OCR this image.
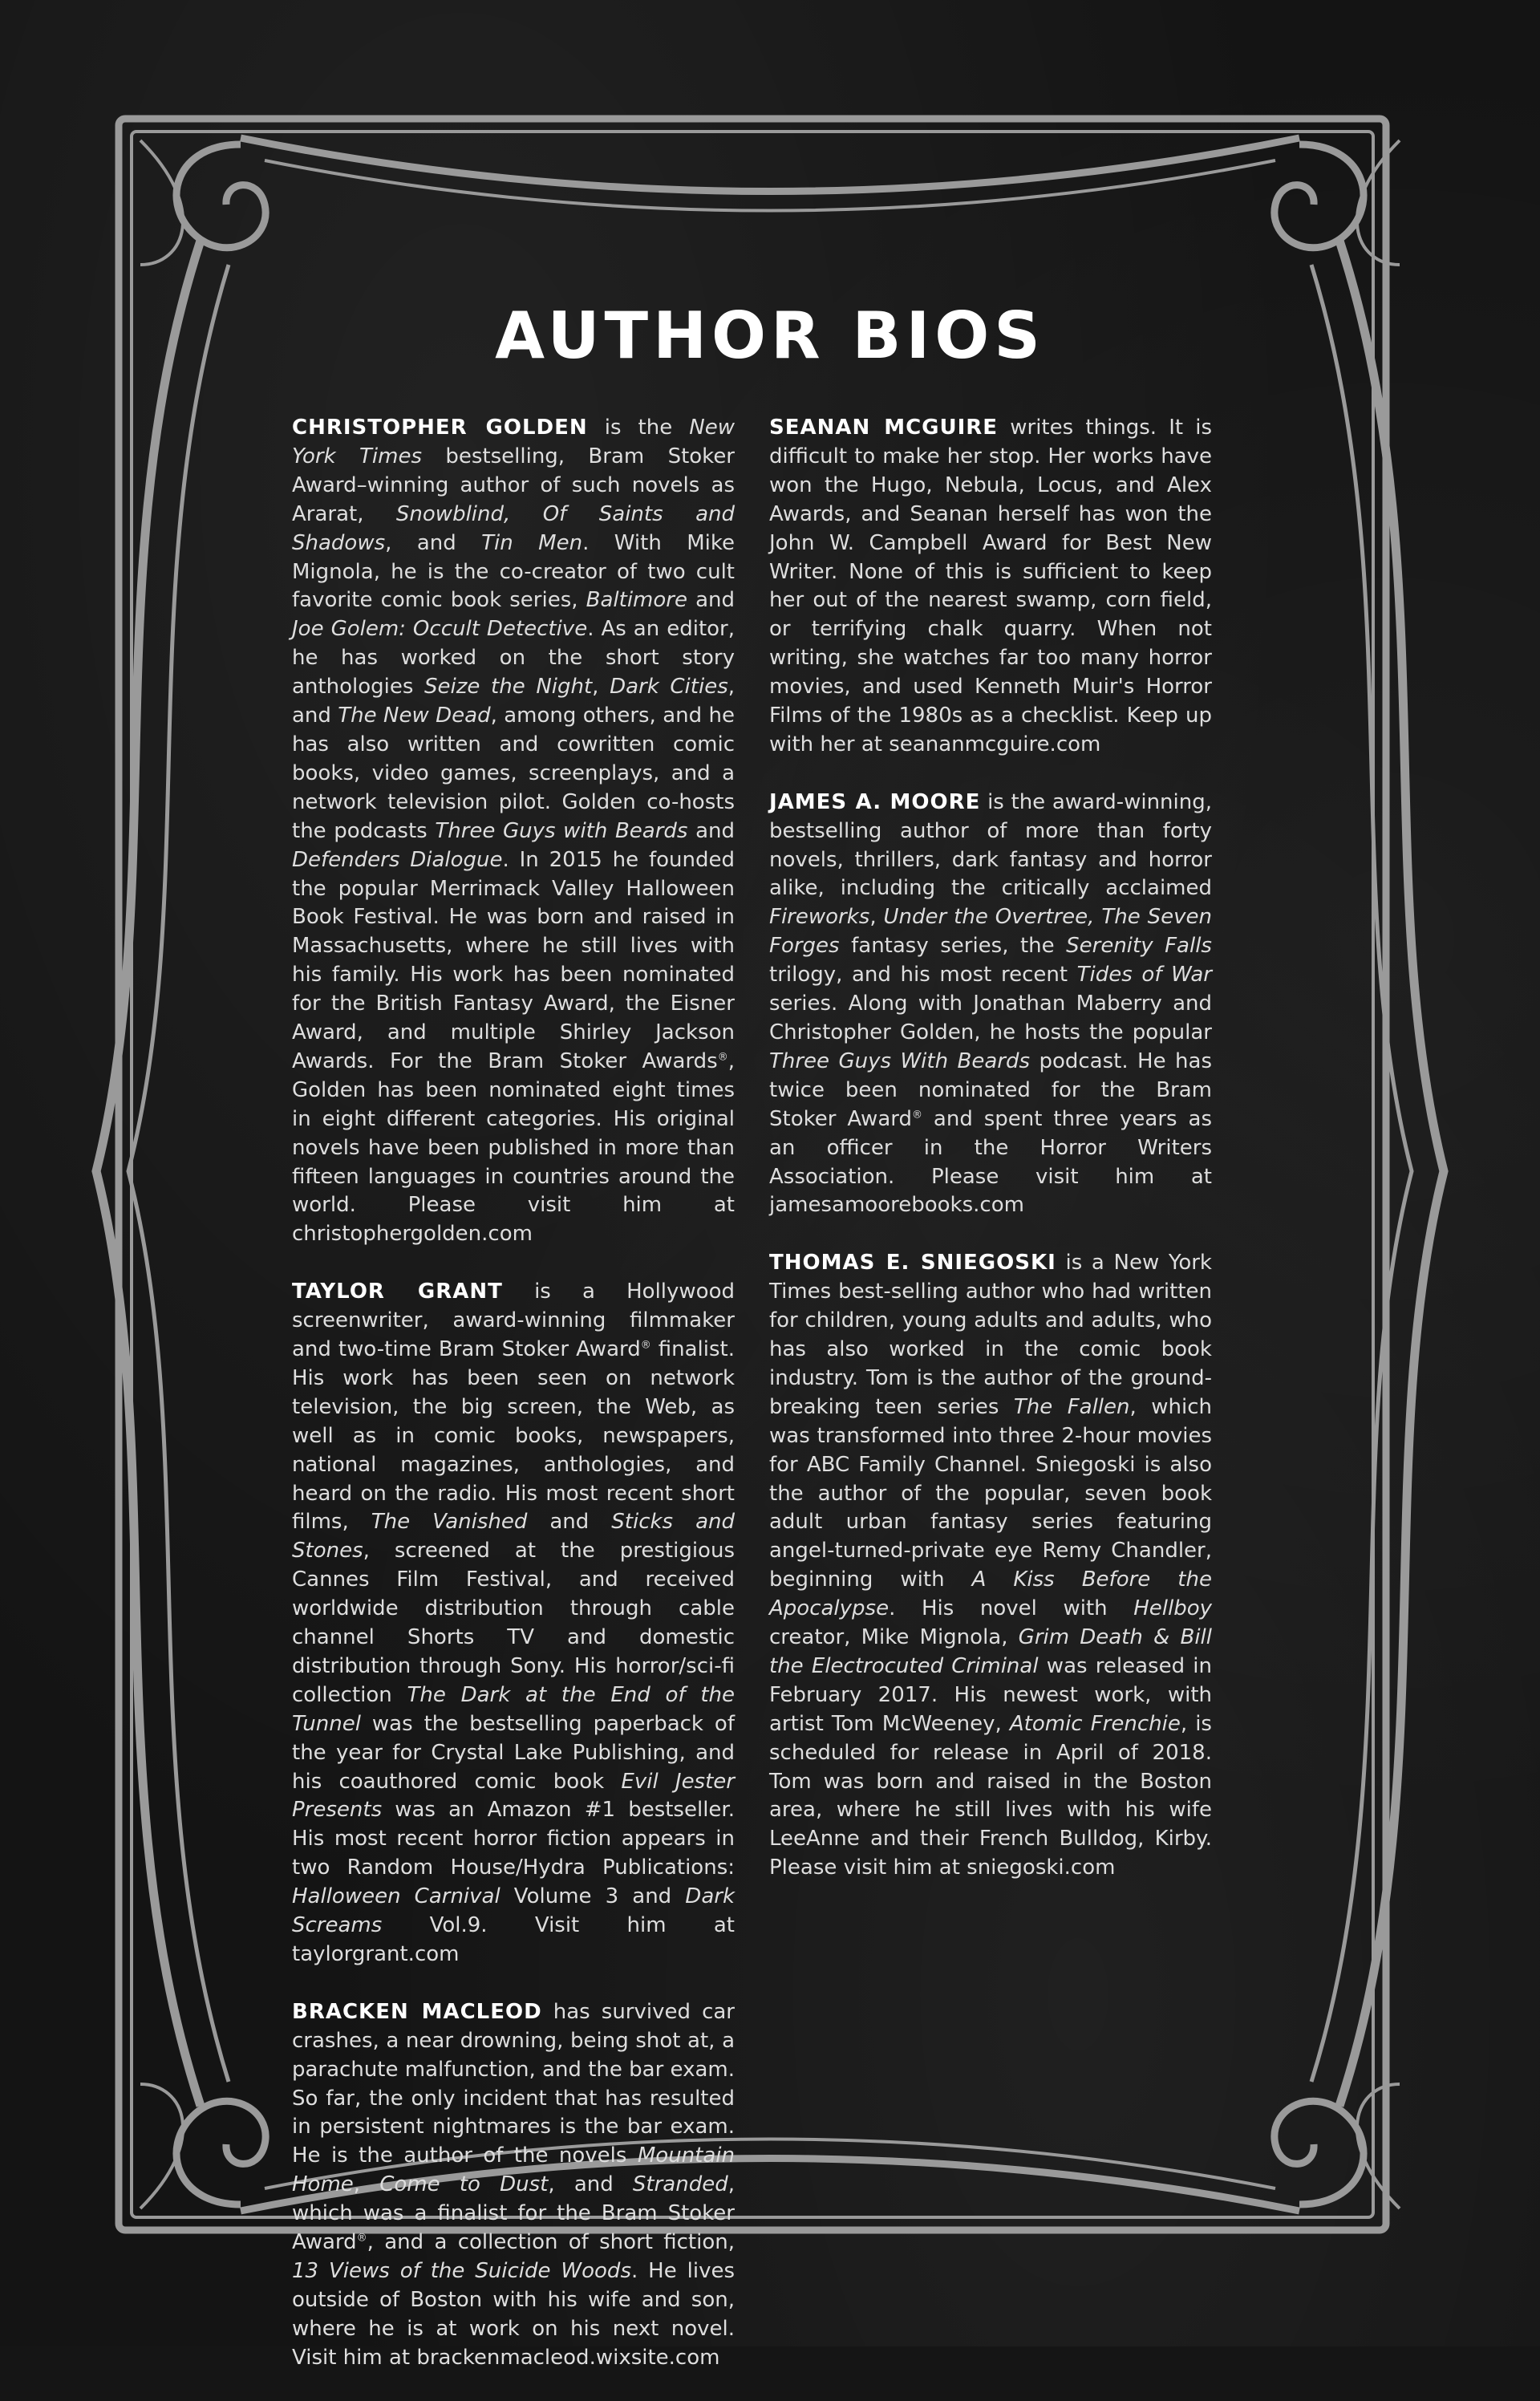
AUTHOR BIOS

CHRISTOPHER GOLDEN is the New York Times bestselling, Bram Stoker Award–winning author of such novels as Ararat, Snowblind, Of Saints and Shadows, and Tin Men. With Mike Mignola, he is the co-creator of two cult favorite comic book series, Baltimore and Joe Golem: Occult Detective. As an editor, he has worked on the short story anthologies Seize the Night, Dark Cities, and The New Dead, among others, and he has also written and cowritten comic books, video games, screenplays, and a network television pilot. Golden co-hosts the podcasts Three Guys with Beards and Defenders Dialogue. In 2015 he founded the popular Merrimack Valley Halloween Book Festival. He was born and raised in Massachusetts, where he still lives with his family. His work has been nominated for the British Fantasy Award, the Eisner Award, and multiple Shirley Jackson Awards. For the Bram Stoker Awards®, Golden has been nominated eight times in eight different categories. His original novels have been published in more than fifteen languages in countries around the world. Please visit him at christophergolden.com

TAYLOR GRANT is a Hollywood screenwriter, award-winning filmmaker and two-time Bram Stoker Award® finalist. His work has been seen on network television, the big screen, the Web, as well as in comic books, newspapers, national magazines, anthologies, and heard on the radio. His most recent short films, The Vanished and Sticks and Stones, screened at the prestigious Cannes Film Festival, and received worldwide distribution through cable channel Shorts TV and domestic distribution through Sony. His horror/sci-fi collection The Dark at the End of the Tunnel was the bestselling paperback of the year for Crystal Lake Publishing, and his coauthored comic book Evil Jester Presents was an Amazon #1 bestseller. His most recent horror fiction appears in two Random House/Hydra Publications: Halloween Carnival Volume 3 and Dark Screams Vol.9. Visit him at taylorgrant.com

BRACKEN MACLEOD has survived car crashes, a near drowning, being shot at, a parachute malfunction, and the bar exam. So far, the only incident that has resulted in persistent nightmares is the bar exam. He is the author of the novels Mountain Home, Come to Dust, and Stranded, which was a finalist for the Bram Stoker Award®, and a collection of short fiction, 13 Views of the Suicide Woods. He lives outside of Boston with his wife and son, where he is at work on his next novel. Visit him at brackenmacleod.wixsite.com

SEANAN MCGUIRE writes things. It is difficult to make her stop. Her works have won the Hugo, Nebula, Locus, and Alex Awards, and Seanan herself has won the John W. Campbell Award for Best New Writer. None of this is sufficient to keep her out of the nearest swamp, corn field, or terrifying chalk quarry. When not writing, she watches far too many horror movies, and used Kenneth Muir's Horror Films of the 1980s as a checklist. Keep up with her at seananmcguire.com

JAMES A. MOORE is the award-winning, bestselling author of more than forty novels, thrillers, dark fantasy and horror alike, including the critically acclaimed Fireworks, Under the Overtree, The Seven Forges fantasy series, the Serenity Falls trilogy, and his most recent Tides of War series. Along with Jonathan Maberry and Christopher Golden, he hosts the popular Three Guys With Beards podcast. He has twice been nominated for the Bram Stoker Award® and spent three years as an officer in the Horror Writers Association. Please visit him at jamesamoorebooks.com

THOMAS E. SNIEGOSKI is a New York Times best-selling author who had written for children, young adults and adults, who has also worked in the comic book industry. Tom is the author of the ground-breaking teen series The Fallen, which was transformed into three 2-hour movies for ABC Family Channel. Sniegoski is also the author of the popular, seven book adult urban fantasy series featuring angel-turned-private eye Remy Chandler, beginning with A Kiss Before the Apocalypse. His novel with Hellboy creator, Mike Mignola, Grim Death & Bill the Electrocuted Criminal was released in February 2017. His newest work, with artist Tom McWeeney, Atomic Frenchie, is scheduled for release in April of 2018. Tom was born and raised in the Boston area, where he still lives with his wife LeeAnne and their French Bulldog, Kirby. Please visit him at sniegoski.com
